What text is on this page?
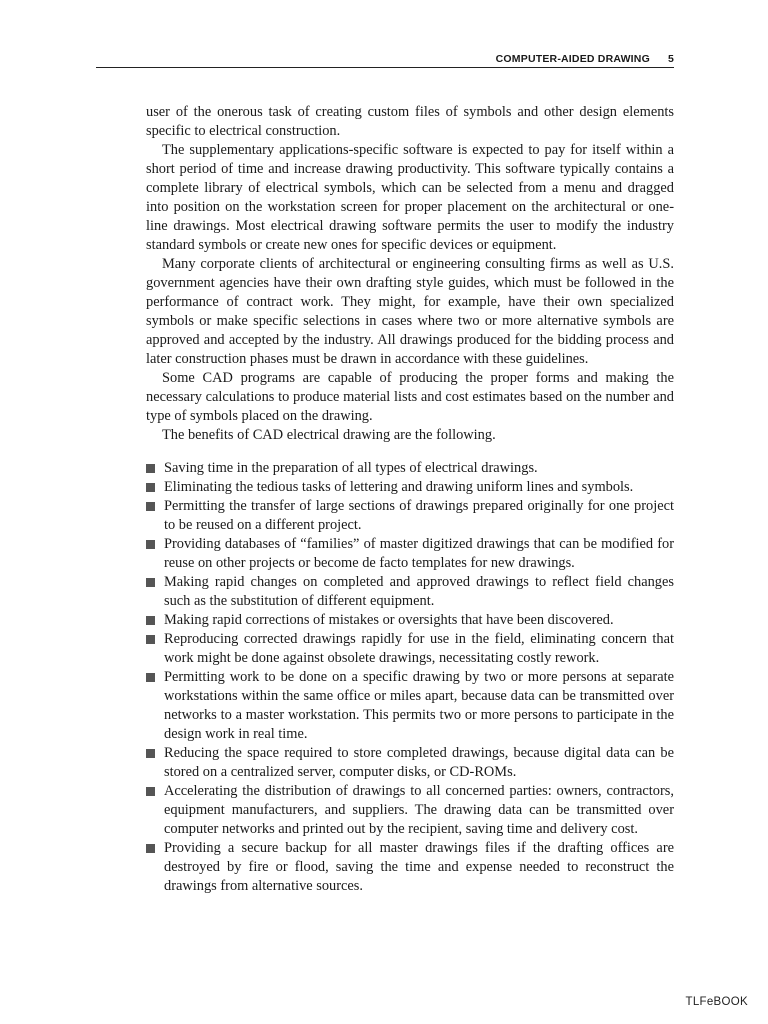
COMPUTER-AIDED DRAWING 5

user of the onerous task of creating custom files of symbols and other design elements specific to electrical construction.

The supplementary applications-specific software is expected to pay for itself within a short period of time and increase drawing productivity. This software typically contains a complete library of electrical symbols, which can be selected from a menu and dragged into position on the workstation screen for proper placement on the architectural or one-line drawings. Most electrical drawing software permits the user to modify the industry standard symbols or create new ones for specific devices or equipment.

Many corporate clients of architectural or engineering consulting firms as well as U.S. government agencies have their own drafting style guides, which must be followed in the performance of contract work. They might, for example, have their own specialized symbols or make specific selections in cases where two or more alternative symbols are approved and accepted by the industry. All drawings produced for the bidding process and later construction phases must be drawn in accordance with these guidelines.

Some CAD programs are capable of producing the proper forms and making the necessary calculations to produce material lists and cost estimates based on the number and type of symbols placed on the drawing.

The benefits of CAD electrical drawing are the following.

Saving time in the preparation of all types of electrical drawings.
Eliminating the tedious tasks of lettering and drawing uniform lines and symbols.
Permitting the transfer of large sections of drawings prepared originally for one project to be reused on a different project.
Providing databases of “families” of master digitized drawings that can be modified for reuse on other projects or become de facto templates for new drawings.
Making rapid changes on completed and approved drawings to reflect field changes such as the substitution of different equipment.
Making rapid corrections of mistakes or oversights that have been discovered.
Reproducing corrected drawings rapidly for use in the field, eliminating concern that work might be done against obsolete drawings, necessitating costly rework.
Permitting work to be done on a specific drawing by two or more persons at separate workstations within the same office or miles apart, because data can be transmitted over networks to a master workstation. This permits two or more persons to participate in the design work in real time.
Reducing the space required to store completed drawings, because digital data can be stored on a centralized server, computer disks, or CD-ROMs.
Accelerating the distribution of drawings to all concerned parties: owners, contractors, equipment manufacturers, and suppliers. The drawing data can be transmitted over computer networks and printed out by the recipient, saving time and delivery cost.
Providing a secure backup for all master drawings files if the drafting offices are destroyed by fire or flood, saving the time and expense needed to reconstruct the drawings from alternative sources.
TLFeBOOK
